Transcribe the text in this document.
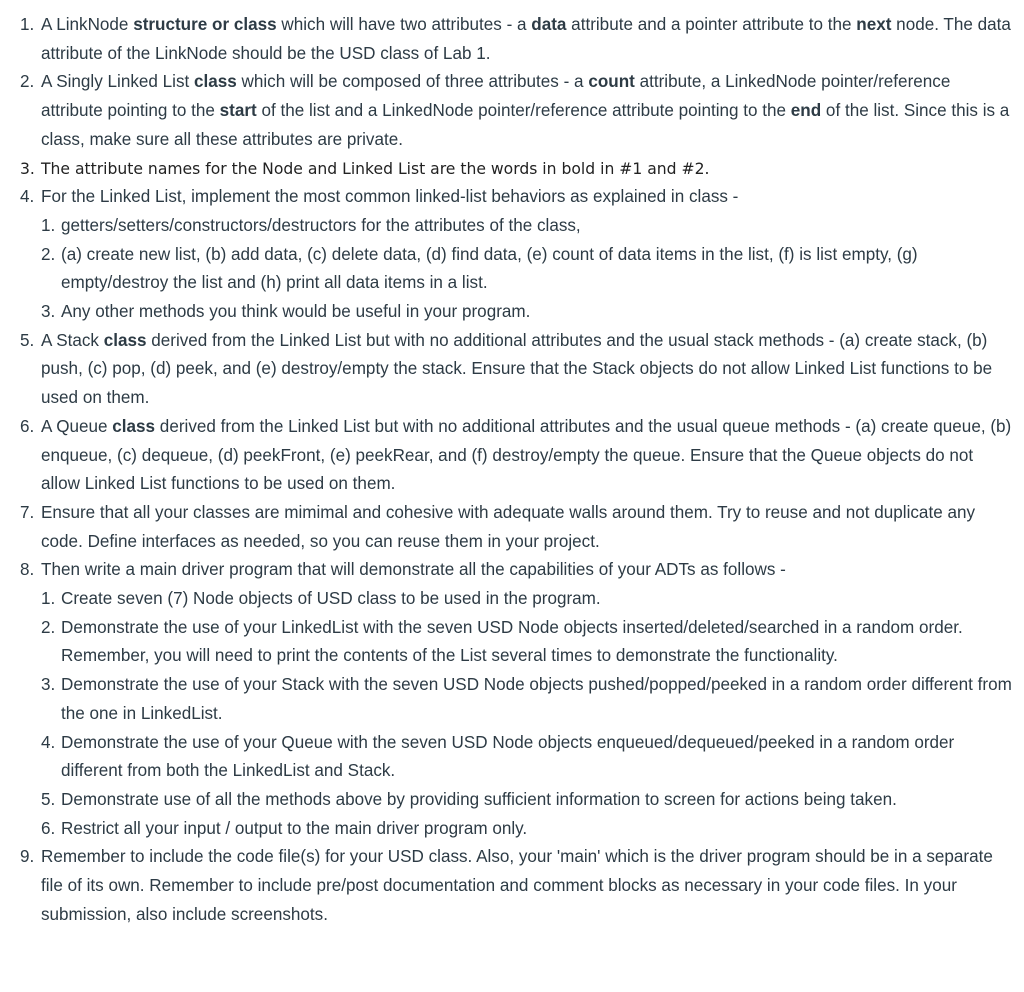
1. A LinkNode structure or class which will have two attributes - a data attribute and a pointer attribute to the next node. The data attribute of the LinkNode should be the USD class of Lab 1.
2. A Singly Linked List class which will be composed of three attributes - a count attribute, a LinkedNode pointer/reference attribute pointing to the start of the list and a LinkedNode pointer/reference attribute pointing to the end of the list. Since this is a class, make sure all these attributes are private.
3. The attribute names for the Node and Linked List are the words in bold in #1 and #2.
4. For the Linked List, implement the most common linked-list behaviors as explained in class -
1. getters/setters/constructors/destructors for the attributes of the class,
2. (a) create new list, (b) add data, (c) delete data, (d) find data, (e) count of data items in the list, (f) is list empty, (g) empty/destroy the list and (h) print all data items in a list.
3. Any other methods you think would be useful in your program.
5. A Stack class derived from the Linked List but with no additional attributes and the usual stack methods - (a) create stack, (b) push, (c) pop, (d) peek, and (e) destroy/empty the stack. Ensure that the Stack objects do not allow Linked List functions to be used on them.
6. A Queue class derived from the Linked List but with no additional attributes and the usual queue methods - (a) create queue, (b) enqueue, (c) dequeue, (d) peekFront, (e) peekRear, and (f) destroy/empty the queue. Ensure that the Queue objects do not allow Linked List functions to be used on them.
7. Ensure that all your classes are mimimal and cohesive with adequate walls around them. Try to reuse and not duplicate any code. Define interfaces as needed, so you can reuse them in your project.
8. Then write a main driver program that will demonstrate all the capabilities of your ADTs as follows -
1. Create seven (7) Node objects of USD class to be used in the program.
2. Demonstrate the use of your LinkedList with the seven USD Node objects inserted/deleted/searched in a random order. Remember, you will need to print the contents of the List several times to demonstrate the functionality.
3. Demonstrate the use of your Stack with the seven USD Node objects pushed/popped/peeked in a random order different from the one in LinkedList.
4. Demonstrate the use of your Queue with the seven USD Node objects enqueued/dequeued/peeked in a random order different from both the LinkedList and Stack.
5. Demonstrate use of all the methods above by providing sufficient information to screen for actions being taken.
6. Restrict all your input / output to the main driver program only.
9. Remember to include the code file(s) for your USD class. Also, your 'main' which is the driver program should be in a separate file of its own. Remember to include pre/post documentation and comment blocks as necessary in your code files. In your submission, also include screenshots.
